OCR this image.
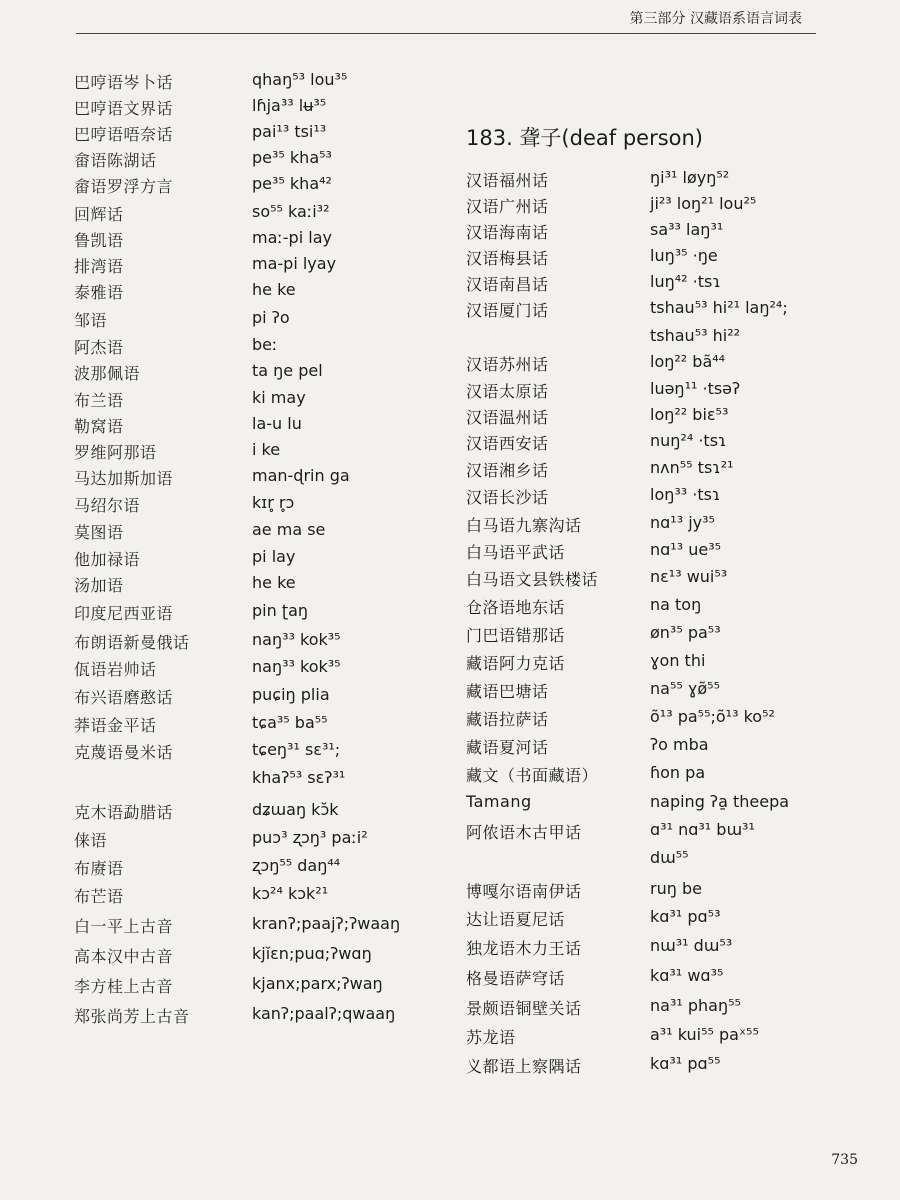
第三部分 汉藏语系语言词表
巴哼语岑卜话	qhaŋ⁵³ lou³⁵
巴哼语文界话	lɦja³³ lʉ³⁵
巴哼语唔奈话	pai¹³ tsi¹³
畲语陈湖话	pe³⁵ kha⁵³
畲语罗浮方言	pe³⁵ kha⁴²
回辉话	so⁵⁵ kaːi³²
鲁凯语	maː-pi lay
排湾语	ma-pi lyay
泰雅语	he ke
邹语	pi ʔo
阿杰语	beː
波那佩语	ta ŋe pel
布兰语	ki may
勒窝语	la-u lu
罗维阿那语	i ke
马达加斯加语	man-ɖrin ga
马绍尔语	kɪr̥ r̥ɔ
莫图语	ae ma se
他加禄语	pi lay
汤加语	he ke
印度尼西亚语	pin ʈaŋ
布朗语新曼俄话	naŋ³³ kok³⁵
佤语岩帅话	naŋ³³ kok³⁵
布兴语磨憨话	puɕiŋ plia
莽语金平话	tɕa³⁵ ba⁵⁵
克蔑语曼米话	tɕeŋ³¹ sɛ³¹;
khaʔ⁵³ sɛʔ³¹
克木语勐腊话	dʑɯaŋ kɔ̆k
俫语	puɔ³ ʐɔŋ³ paːi²
布赓语	ʐɔŋ⁵⁵ daŋ⁴⁴
布芒语	kɔ²⁴ kɔk²¹
白一平上古音	kranʔ;paajʔ;ʔwaaŋ
高本汉中古音	kjĭɛn;puɑ;ʔwɑŋ
李方桂上古音	kjanx;parx;ʔwaŋ
郑张尚芳上古音	kanʔ;paalʔ;qwaaŋ
183. 聋子(deaf person)
汉语福州话	ŋi³¹ løyŋ⁵²
汉语广州话	ji²³ loŋ²¹ lou²⁵
汉语海南话	sa³³ laŋ³¹
汉语梅县话	luŋ³⁵ ·ŋe
汉语南昌话	luŋ⁴² ·tsɿ
汉语厦门话	tshau⁵³ hi²¹ laŋ²⁴;
tshau⁵³ hi²²
汉语苏州话	loŋ²² bã⁴⁴
汉语太原话	luəŋ¹¹ ·tsəʔ
汉语温州话	loŋ²² biɛ⁵³
汉语西安话	nuŋ²⁴ ·tsɿ
汉语湘乡话	nʌn⁵⁵ tsɿ²¹
汉语长沙话	loŋ³³ ·tsɿ
白马语九寨沟话	nɑ¹³ jy³⁵
白马语平武话	nɑ¹³ ue³⁵
白马语文县铁楼话	nɛ¹³ wui⁵³
仓洛语地东话	na toŋ
门巴语错那话	øn³⁵ pa⁵³
藏语阿力克话	ɣon thi
藏语巴塘话	na⁵⁵ ɣø̃⁵⁵
藏语拉萨话	õ¹³ pa⁵⁵;õ¹³ ko⁵²
藏语夏河话	ʔo mba
藏文（书面藏语）	ɦon pa
Tamang	naping ʔa̱ theepa
阿侬语木古甲话	ɑ³¹ nɑ³¹ bɯ³¹
dɯ⁵⁵
博嘎尔语南伊话	ruŋ be
达让语夏尼话	kɑ³¹ pɑ⁵³
独龙语木力王话	nɯ³¹ dɯ⁵³
格曼语萨穹话	kɑ³¹ wɑ³⁵
景颇语铜壁关话	na³¹ phaŋ⁵⁵
苏龙语	a³¹ kui⁵⁵ paˣ⁵⁵
义都语上察隅话	kɑ³¹ pɑ⁵⁵
735
